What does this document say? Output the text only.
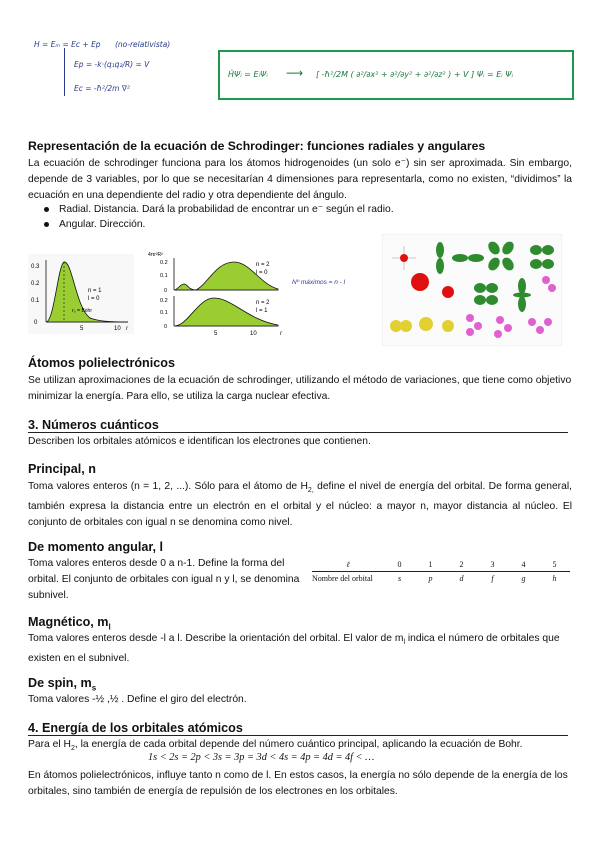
H = Eₘ = Ec + Ep (no-relativista)
Ep = -k·(q₁q₂/R) = V
Ec = -ħ²/2m ∇²
ĤΨᵢ = EᵢΨᵢ ⟶ [ -ħ²/2M ( ∂²/∂x² + ∂²/∂y² + ∂²/∂z² ) + V ] Ψᵢ = Eᵢ Ψᵢ
Representación de la ecuación de Schrodinger: funciones radiales y angulares
La ecuación de schrodinger funciona para los átomos hidrogenoides (un solo e⁻) sin ser aproximada. Sin embargo, depende de 3 variables, por lo que se necesitarían 4 dimensiones para representarla, como no existen, “dividimos” la ecuación en una dependiente del radio y otra dependiente del ángulo.
Radial. Distancia. Dará la probabilidad de encontrar un e⁻ según el radio.
Angular. Dirección.
0.3
0.2
0.1
0
n = 1
l = 0
r₀ = Bohr
5	10 r
4πr²R²
0.2
0.1
0
n = 2
l = 0
0.2
0.1
0
n = 2
l = 1
5	10	r
Nº máximos = n - l
Átomos polielectrónicos
Se utilizan aproximaciones de la ecuación de schrodinger, utilizando el método de variaciones, que tiene como objetivo minimizar la energía. Para ello, se utiliza la carga nuclear efectiva.
3. Números cuánticos
Describen los orbitales atómicos e identifican los electrones que contienen.
Principal, n
Toma valores enteros (n = 1, 2, ...). Sólo para el átomo de $H_{2,}$ define el nivel de energía del orbital. De forma general, también expresa la distancia entre un electrón en el orbital y el núcleo: a mayor n, mayor distancia al núcleo. El conjunto de orbitales con igual n se denomina como nivel.
De momento angular, l
Toma valores enteros desde 0 a n-1. Define la forma del orbital. El conjunto de orbitales con igual n y l, se denomina subnivel.
ℓ	0	1	2	3	4	5
Nombre del orbital	s	p	d	f	g	h
Magnético, $m_l$
Toma valores enteros desde -l a l. Describe la orientación del orbital. El valor de $m_l$ indica el número de orbitales que existen en el subnivel.
De spin, $m_s$
Toma valores -½ ,½ . Define el giro del electrón.
4. Energía de los orbitales atómicos
Para el $H_2$, la energía de cada orbital depende del número cuántico principal, aplicando la ecuación de Bohr.
1s < 2s = 2p < 3s = 3p = 3d < 4s = 4p = 4d = 4f < …
En átomos polielectrónicos, influye tanto n como de l. En estos casos, la energía no sólo depende de la energía de los orbitales, sino también de energía de repulsión de los electrones en los orbitales.
